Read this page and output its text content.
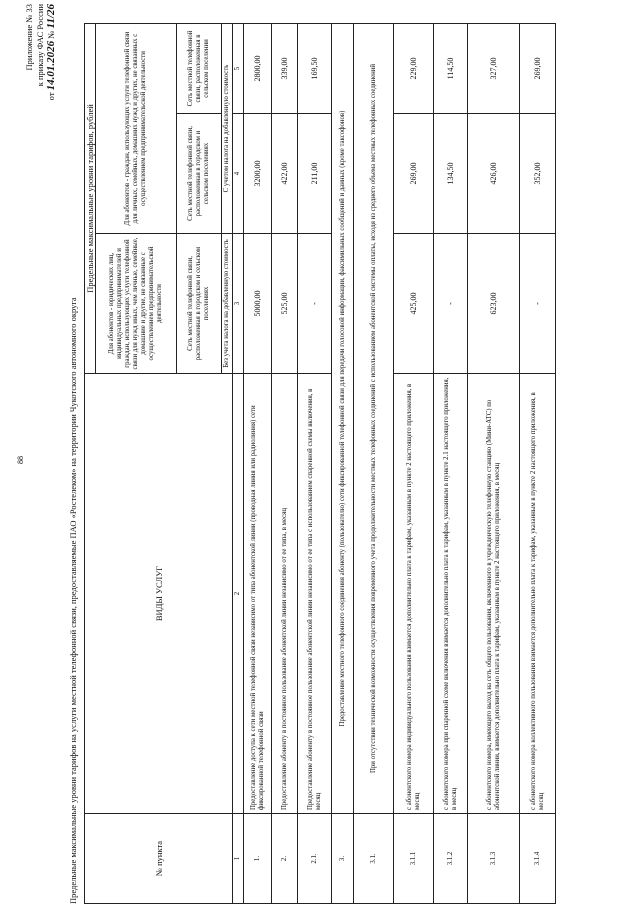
88
Приложение № 33 к приказу ФАС России
от 14.01.2026 № 11/26
Предельные максимальные уровни тарифов на услуги местной телефонной связи, предоставляемые ПАО «Ростелеком» на территории Чукотского автономного округа	№ пункта	ВИДЫ УСЛУГ	Предельные максимальные уровни тарифов, рублей		
		Для абонентов - юридических лиц, индивидуальных предпринимателей и граждан, использующих услуги телефонной связи для нужд иных, чем личные, семейные, домашние и другие, не связанные с осуществлением предпринимательской деятельности	Для абонентов - граждан, использующих услуги телефонной связи для личных, семейных, домашних нужд и других, не связанных с осуществлением предпринимательской деятельности	
		Сеть местной телефонной связи, расположенная в городском и сельском поселениях	Сеть местной телефонной связи, расположенная в городском и сельском поселениях	Сеть местной телефонной связи, расположенная в сельском поселении
		Без учета налога на добавленную стоимость	С учетом налога на добавленную стоимость	
1	2	3	4	5
1.	Предоставление доступа к сети местной телефонной связи независимо от типа абонентской линии (проводная линия или радиолиния) сети фиксированной телефонной связи	5000,00	3200,00	2800,00
2.	Предоставление абоненту в постоянное пользование абонентской линии независимо от ее типа, в месяц	525,00	422,00	339,00
2.1.	Предоставление абоненту в постоянное пользование абонентской линии независимо от ее типа с использованием спаренной схемы включения, в месяц	-	211,00	169,50
3.	Предоставление местного телефонного соединения абоненту (пользователю) сети фиксированной телефонной связи для передачи голосовой информации, факсимильных сообщений и данных (кроме таксофонов)			
3.1.	При отсутствии технической возможности осуществления повременного учета продолжительности местных телефонных соединений с использованием абонентской системы оплаты, исходя из среднего объема местных телефонных соединений			
3.1.1	с абонентского номера индивидуального пользования взимается дополнительно плата к тарифам, указанным в пункте 2 настоящего приложения, в месяц	425,00	269,00	229,00
3.1.2	с абонентского номера при спаренной схеме включения взимается дополнительно плата к тарифам, указанным в пункте 2.1 настоящего приложения, в месяц	-	134,50	114,50
3.1.3	с абонентского номера, имеющего выход на сеть общего пользования, включенного в учрежденческую телефонную станцию (Мини-АТС) по абонентской линии, взимается дополнительно плата к тарифам, указанным в пункте 2 настоящего приложения, в месяц	623,00	426,00	327,00
3.1.4	с абонентского номера коллективного пользования взимается дополнительно плата к тарифам, указанным в пункте 2 настоящего приложения, в месяц	-	352,00	269,00
